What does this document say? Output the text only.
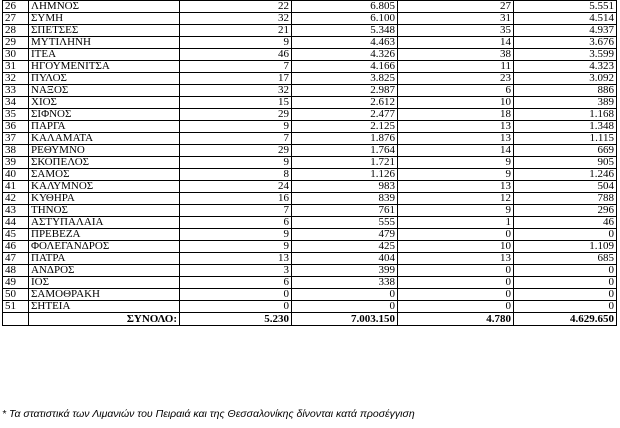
26	ΛΗΜΝΟΣ	22	6.805	27	5.551
27	ΣΥΜΗ	32	6.100	31	4.514
28	ΣΠΕΤΣΕΣ	21	5.348	35	4.937
29	ΜΥΤΙΛΗΝΗ	9	4.463	14	3.676
30	ΙΤΕΑ	46	4.326	38	3.599
31	ΗΓΟΥΜΕΝΙΤΣΑ	7	4.166	11	4.323
32	ΠΥΛΟΣ	17	3.825	23	3.092
33	ΝΑΞΟΣ	32	2.987	6	886
34	ΧΙΟΣ	15	2.612	10	389
35	ΣΙΦΝΟΣ	29	2.477	18	1.168
36	ΠΑΡΓΑ	9	2.125	13	1.348
37	ΚΑΛΑΜΑΤΑ	7	1.876	13	1.115
38	ΡΕΘΥΜΝΟ	29	1.764	14	669
39	ΣΚΟΠΕΛΟΣ	9	1.721	9	905
40	ΣΑΜΟΣ	8	1.126	9	1.246
41	ΚΑΛΥΜΝΟΣ	24	983	13	504
42	ΚΥΘΗΡΑ	16	839	12	788
43	ΤΗΝΟΣ	7	761	9	296
44	ΑΣΤΥΠΑΛΑΙΑ	6	555	1	46
45	ΠΡΕΒΕΖΑ	9	479	0	0
46	ΦΟΛΕΓΑΝΔΡΟΣ	9	425	10	1.109
47	ΠΑΤΡΑ	13	404	13	685
48	ΑΝΔΡΟΣ	3	399	0	0
49	ΙΟΣ	6	338	0	0
50	ΣΑΜΟΘΡΑΚΗ	0	0	0	0
51	ΣΗΤΕΙΑ	0	0	0	0
	ΣΥΝΟΛΟ:	5.230	7.003.150	4.780	4.629.650
* Τα στατιστικά των Λιμανιών του Πειραιά και της Θεσσαλονίκης δίνονται κατά προσέγγιση
